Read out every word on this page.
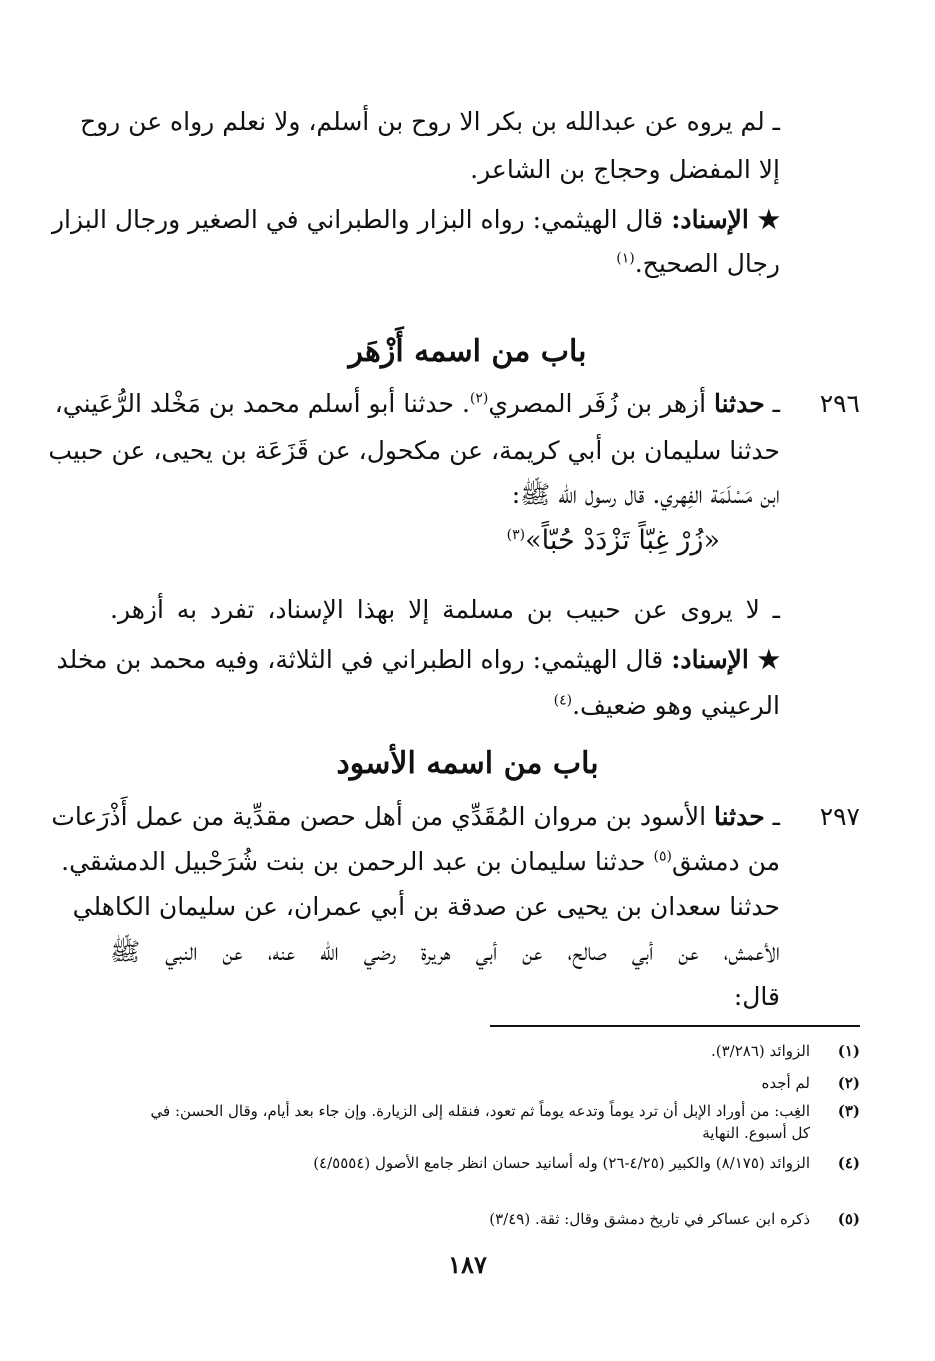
ـ لم يروه عن عبدالله بن بكر الا روح بن أسلم، ولا نعلم رواه عن روح
إلا المفضل وحجاج بن الشاعر.
★ الإسناد: قال الهيثمي: رواه البزار والطبراني في الصغير ورجال البزار
رجال الصحيح.$^{(١)}$
باب من اسمه أَزْهَر
٢٩٦ـ حدثنا أزهر بن زُفَر المصري$^{(٢)}$. حدثنا أبو أسلم محمد بن مَخْلد الرُّعَيني،
حدثنا سليمان بن أبي كريمة، عن مكحول، عن قَزَعَة بن يحيى، عن حبيب
ابن مَسْلَمَة الفِهري. قال رسول الله ﷺ:
«زُرْ غِبّاً تَزْدَدْ حُبّاً»$^{(٣)}$
ـ لا يروى عن حبيب بن مسلمة إلا بهذا الإسناد، تفرد به أزهر.
★ الإسناد: قال الهيثمي: رواه الطبراني في الثلاثة، وفيه محمد بن مخلد
الرعيني وهو ضعيف.$^{(٤)}$
باب من اسمه الأسود
٢٩٧ـ حدثنا الأسود بن مروان المُقَدِّي من أهل حصن مقدِّية من عمل أَذْرَعات
من دمشق$^{(٥)}$ حدثنا سليمان بن عبد الرحمن بن بنت شُرَحْبيل الدمشقي.
حدثنا سعدان بن يحيى عن صدقة بن أبي عمران، عن سليمان الكاهلي
الأعمش، عن أبي صالح، عن أبي هريرة رضي الله عنه، عن النبي ﷺ
قال:
(١)الزوائد (٣/٢٨٦).
(٢)لم أجده
(٣)الغِب: من أوراد الإبل أن ترد يوماً وتدعه يوماً ثم تعود، فنقله إلى الزيارة. وإن جاء بعد أيام، وقال الحسن: في
كل أسبوع. النهاية
(٤)الزوائد (٨/١٧٥) والكبير (٤/٢٥-٢٦) وله أسانيد حسان انظر جامع الأصول (٤/٥٥٥٤)
(٥)ذكره ابن عساكر في تاريخ دمشق وقال: ثقة. (٣/٤٩)
١٨٧
